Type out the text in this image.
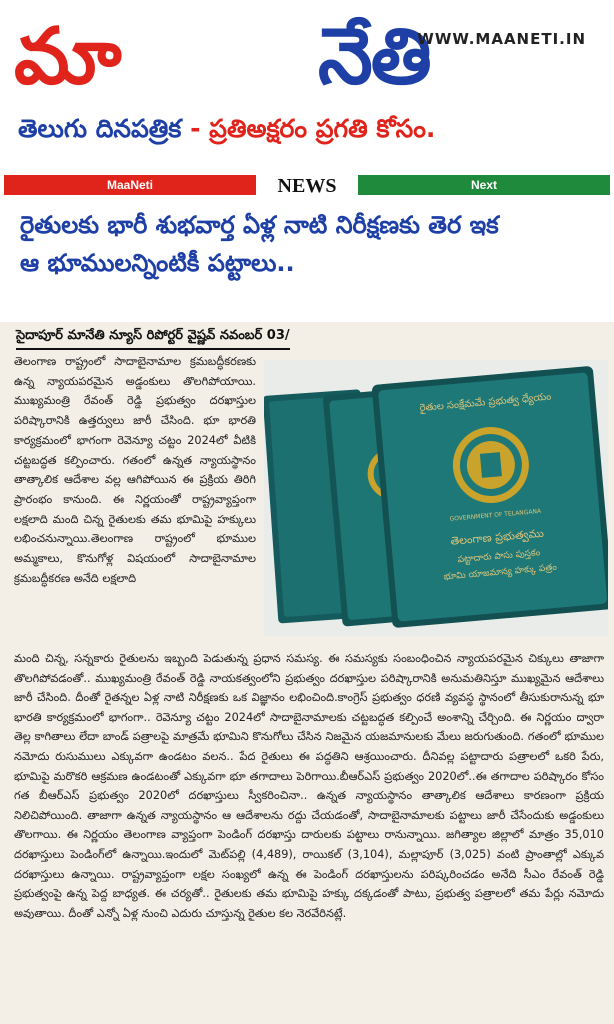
మా	నేతి
WWW.MAANETI.IN
తెలుగు దినపత్రిక - ప్రతిఅక్షరం ప్రగతి కోసం.
MaaNeti	NEWS	Next
రైతులకు భారీ శుభవార్త ఏళ్ల నాటి నిరీక్షణకు తెర ఇక
ఆ భూములన్నింటికీ పట్టాలు..
సైదాపూర్ మానేతి న్యూస్ రిపోర్టర్ వైష్ణవ్ నవంబర్ 03/
రైతుల సంక్షేమమే ప్రభుత్వ ధ్యేయం
GOVERNMENT OF TELANGANA
తెలంగాణ ప్రభుత్వము
పట్టాదారు పాసు పుస్తకం
భూమి యాజమాన్య హక్కు పత్రం
తెలంగాణ రాష్ట్రంలో సాదాబైనామాల క్రమబద్ధీకరణకు ఉన్న న్యాయపరమైన అడ్డంకులు తొలగిపోయాయి. ముఖ్యమంత్రి రేవంత్ రెడ్డి ప్రభుత్వం దరఖాస్తుల పరిష్కారానికి ఉత్తర్వులు జారీ చేసింది. భూ భారతి కార్యక్రమంలో భాగంగా రెవెన్యూ చట్టం 2024లో వీటికి చట్టబద్ధత కల్పించారు. గతంలో ఉన్నత న్యాయస్థానం తాత్కాలిక ఆదేశాల వల్ల ఆగిపోయిన ఈ ప్రక్రియ తిరిగి ప్రారంభం కానుంది. ఈ నిర్ణయంతో రాష్ట్రవ్యాప్తంగా లక్షలాది మంది చిన్న రైతులకు తమ భూమిపై హక్కులు లభించనున్నాయి.తెలంగాణ రాష్ట్రంలో భూముల అమ్మకాలు, కొనుగోళ్ల విషయంలో సాదాబైనామాల క్రమబద్ధీకరణ అనేది లక్షలాది
మంది చిన్న, సన్నకారు రైతులను ఇబ్బంది పెడుతున్న ప్రధాన సమస్య. ఈ సమస్యకు సంబంధించిన న్యాయపరమైన చిక్కులు తాజాగా తొలగిపోవడంతో.. ముఖ్యమంత్రి రేవంత్ రెడ్డి నాయకత్వంలోని ప్రభుత్వం దరఖాస్తుల పరిష్కారానికి అనుమతినిస్తూ ముఖ్యమైన ఆదేశాలు జారీ చేసింది. దీంతో రైతన్నల ఏళ్ల నాటి నిరీక్షణకు ఒక విజ్ఞానం లభించింది.కాంగ్రెస్ ప్రభుత్వం ధరణి వ్యవస్థ స్థానంలో తీసుకురానున్న భూ భారతి కార్యక్రమంలో భాగంగా.. రెవెన్యూ చట్టం 2024లో సాదాబైనామాలకు చట్టబద్ధత కల్పించే అంశాన్ని చేర్చింది. ఈ నిర్ణయం ద్వారా తెల్ల కాగితాలు లేదా బాండ్ పత్రాలపై మాత్రమే భూమిని కొనుగోలు చేసిన నిజమైన యజమానులకు మేలు జరుగుతుంది. గతంలో భూముల నమోదు రుసుములు ఎక్కువగా ఉండటం వలన.. పేద రైతులు ఈ పద్ధతిని ఆశ్రయించారు. దీనివల్ల పట్టాదారు పత్రాలలో ఒకరి పేరు, భూమిపై మరొకరి ఆక్రమణ ఉండటంతో ఎక్కువగా భూ తగాదాలు పెరిగాయి.బీఆర్ఎస్ ప్రభుత్వం 2020లో..ఈ తగాదాల పరిష్కారం కోసం గత బీఆర్ఎస్ ప్రభుత్వం 2020లో దరఖాస్తులు స్వీకరించినా.. ఉన్నత న్యాయస్థానం తాత్కాలిక ఆదేశాలు కారణంగా ప్రక్రియ నిలిచిపోయింది. తాజాగా ఉన్నత న్యాయస్థానం ఆ ఆదేశాలను రద్దు చేయడంతో, సాదాబైనామాలకు పట్టాలు జారీ చేసేందుకు అడ్డంకులు తొలగాయి. ఈ నిర్ణయం తెలంగాణ వ్యాప్తంగా పెండింగ్ దరఖాస్తు దారులకు పట్టాలు రానున్నాయి. జగిత్యాల జిల్లాలో మాత్రం 35,010 దరఖాస్తులు పెండింగ్‌లో ఉన్నాయి.ఇందులో మెట్‌పల్లి (4,489), రాయికల్ (3,104), మల్లాపూర్ (3,025) వంటి ప్రాంతాల్లో ఎక్కువ దరఖాస్తులు ఉన్నాయి. రాష్ట్రవ్యాప్తంగా లక్షల సంఖ్యలో ఉన్న ఈ పెండింగ్ దరఖాస్తులను పరిష్కరించడం అనేది సీఎం రేవంత్ రెడ్డి ప్రభుత్వంపై ఉన్న పెద్ద బాధ్యత. ఈ చర్యతో.. రైతులకు తమ భూమిపై హక్కు దక్కడంతో పాటు, ప్రభుత్వ పత్రాలలో తమ పేర్లు నమోదు అవుతాయి. దీంతో ఎన్నో ఏళ్ల నుంచి ఎదురు చూస్తున్న రైతుల కల నెరవేరినట్లే.
